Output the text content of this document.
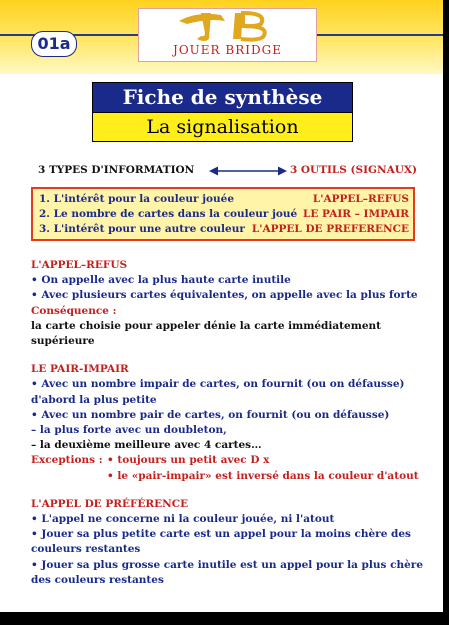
01a	JOUER BRIDGE
Fiche de synthèse
La signalisation
3 TYPES D'INFORMATION	3 OUTILS (SIGNAUX)
1. L'intérêt pour la couleur jouée	L'APPEL–REFUS
2. Le nombre de cartes dans la couleur joué LE PAIR – IMPAIR
3. L'intérêt pour une autre couleur L'APPEL DE PREFERENCE

L'APPEL–REFUS

• On appelle avec la plus haute carte inutile

• Avec plusieurs cartes équivalentes, on appelle avec la plus forte

Conséquence :

la carte choisie pour appeler dénie la carte immédiatement supérieure

LE PAIR-IMPAIR

• Avec un nombre impair de cartes, on fournit (ou on défausse) d'abord la plus petite

• Avec un nombre pair de cartes, on fournit (ou on défausse)

– la plus forte avec un doubleton,

– la deuxième meilleure avec 4 cartes…

Exceptions : • toujours un petit avec D x

• le «pair-impair» est inversé dans la couleur d'atout

L'APPEL DE PRÉFÉRENCE

• L'appel ne concerne ni la couleur jouée, ni l'atout

• Jouer sa plus petite carte est un appel pour la moins chère des couleurs restantes

• Jouer sa plus grosse carte inutile est un appel pour la plus chère des couleurs restantes
